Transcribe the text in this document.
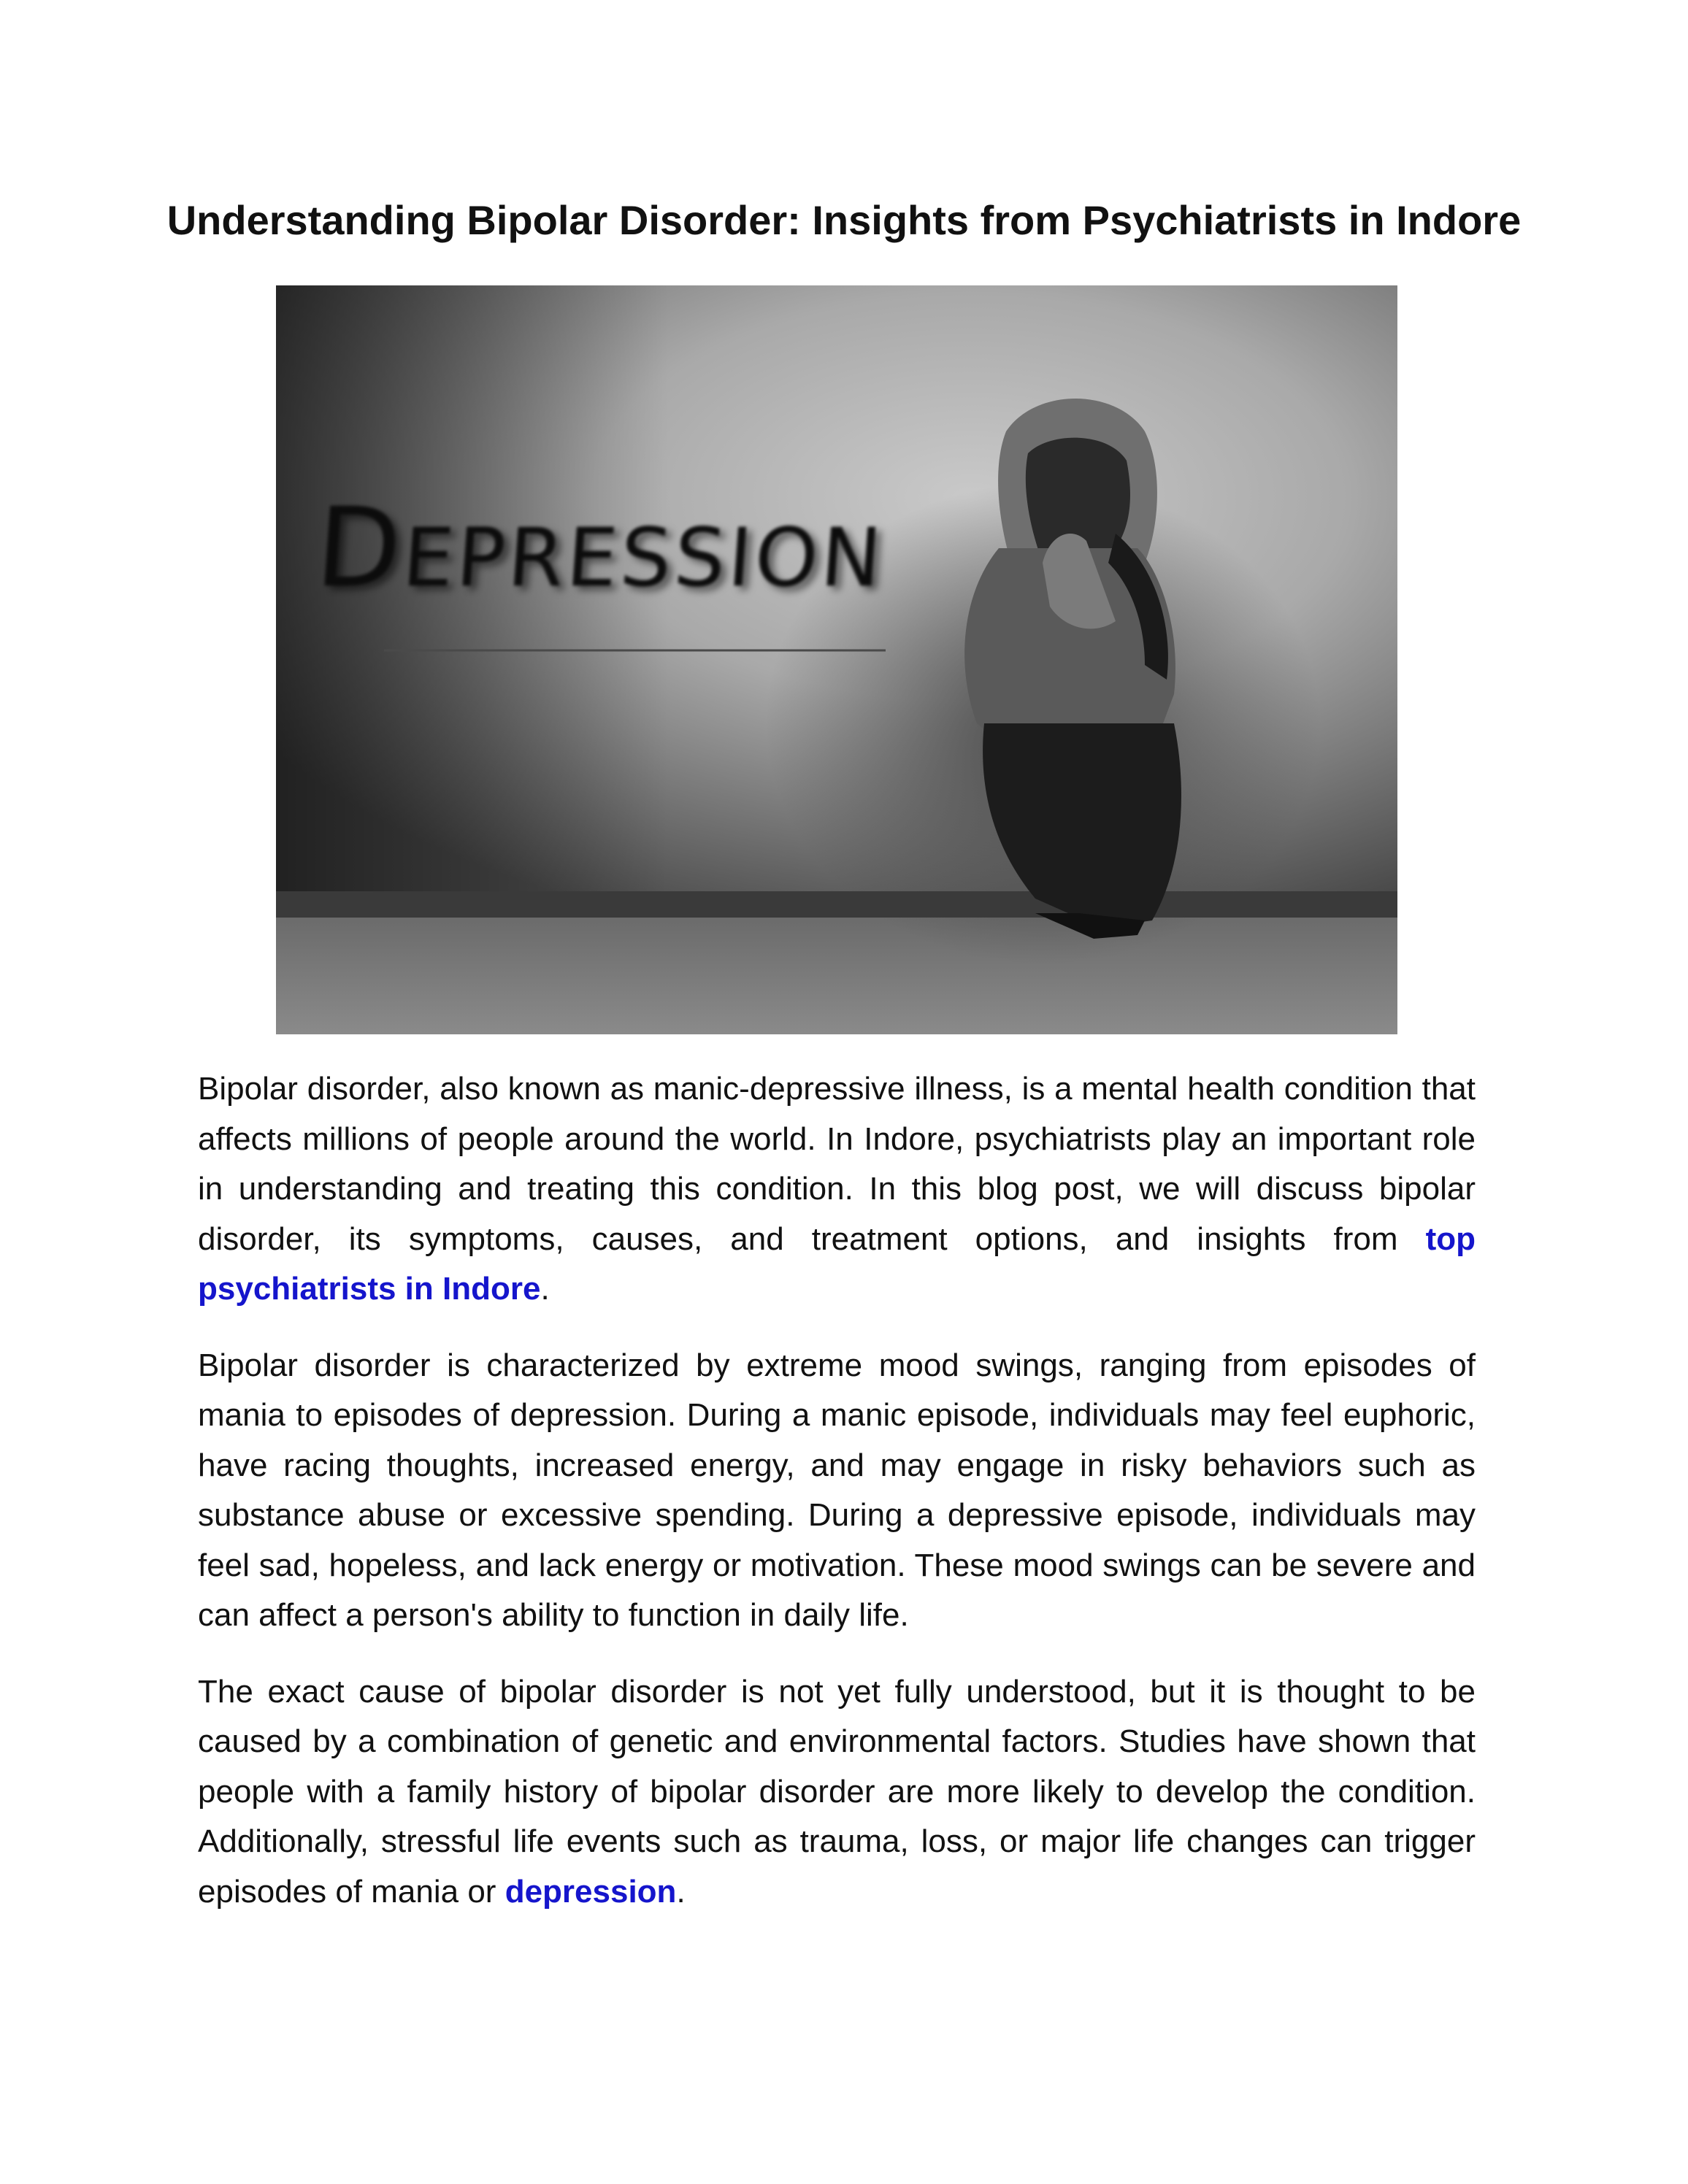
Understanding Bipolar Disorder: Insights from Psychiatrists in Indore
DEPRESSION

Bipolar disorder, also known as manic-depressive illness, is a mental health condition that affects millions of people around the world. In Indore, psychiatrists play an important role in understanding and treating this condition. In this blog post, we will discuss bipolar disorder, its symptoms, causes, and treatment options, and insights from top psychiatrists in Indore.

Bipolar disorder is characterized by extreme mood swings, ranging from episodes of mania to episodes of depression. During a manic episode, individuals may feel euphoric, have racing thoughts, increased energy, and may engage in risky behaviors such as substance abuse or excessive spending. During a depressive episode, individuals may feel sad, hopeless, and lack energy or motivation. These mood swings can be severe and can affect a person's ability to function in daily life.

The exact cause of bipolar disorder is not yet fully understood, but it is thought to be caused by a combination of genetic and environmental factors. Studies have shown that people with a family history of bipolar disorder are more likely to develop the condition. Additionally, stressful life events such as trauma, loss, or major life changes can trigger episodes of mania or depression.
